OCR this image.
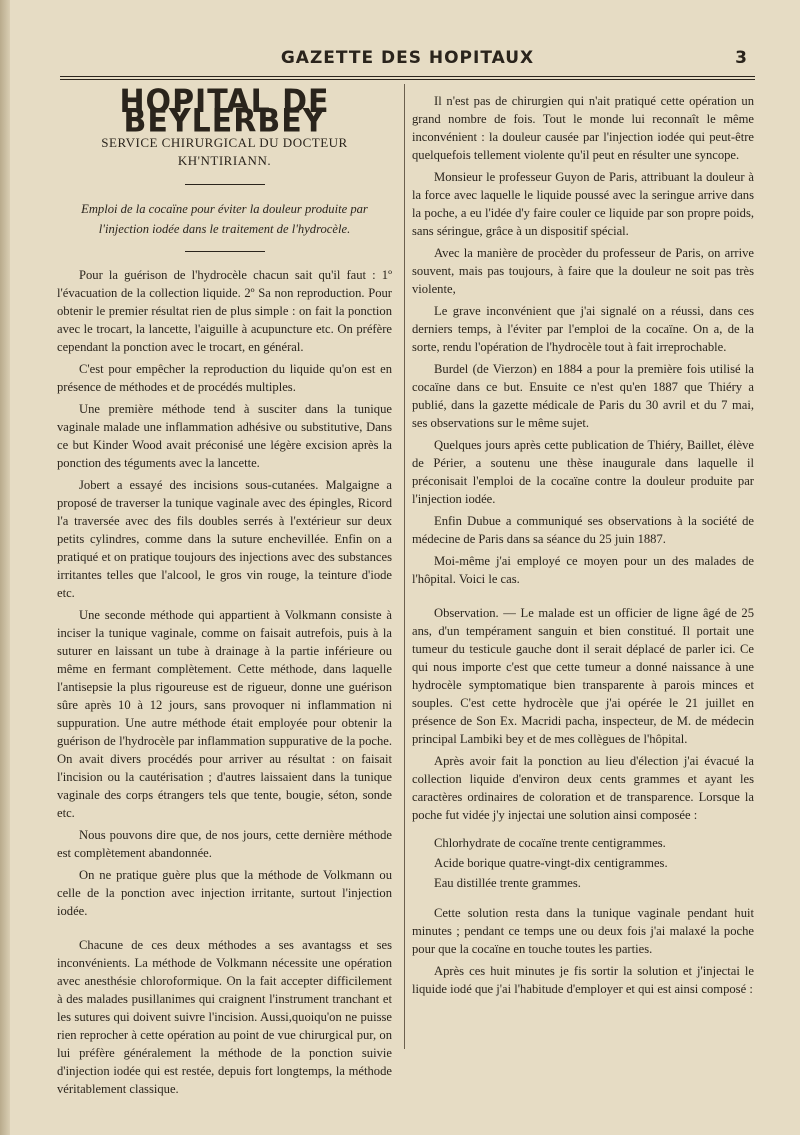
GAZETTE DES HOPITAUX	3
HOPITAL DE BEYLERBEY
SERVICE CHIRURGICAL DU DOCTEUR KH'NTIRIANN.
Emploi de la cocaïne pour éviter la douleur produite par l'injection iodée dans le traitement de l'hydrocèle.

Pour la guérison de l'hydrocèle chacun sait qu'il faut : 1º l'évacuation de la collection liquide. 2º Sa non reproduction. Pour obtenir le premier résultat rien de plus simple : on fait la ponction avec le trocart, la lancette, l'aiguille à acupuncture etc. On préfère cependant la ponction avec le trocart, en général.

C'est pour empêcher la reproduction du liquide qu'on est en présence de méthodes et de procédés multiples.

Une première méthode tend à susciter dans la tunique vaginale malade une inflammation adhésive ou substitutive, Dans ce but Kinder Wood avait préconisé une légère excision après la ponction des téguments avec la lancette.

Jobert a essayé des incisions sous-cutanées. Malgaigne a proposé de traverser la tunique vaginale avec des épingles, Ricord l'a traversée avec des fils doubles serrés à l'extérieur sur deux petits cylindres, comme dans la suture enchevillée. Enfin on a pratiqué et on pratique toujours des injections avec des substances irritantes telles que l'alcool, le gros vin rouge, la teinture d'iode etc.

Une seconde méthode qui appartient à Volkmann consiste à inciser la tunique vaginale, comme on faisait autrefois, puis à la suturer en laissant un tube à drainage à la partie inférieure ou même en fermant complètement. Cette méthode, dans laquelle l'antisepsie la plus rigoureuse est de rigueur, donne une guérison sûre après 10 à 12 jours, sans provoquer ni inflammation ni suppuration. Une autre méthode était employée pour obtenir la guérison de l'hydrocèle par inflammation suppurative de la poche. On avait divers procédés pour arriver au résultat : on faisait l'incision ou la cautérisation ; d'autres laissaient dans la tunique vaginale des corps étrangers tels que tente, bougie, séton, sonde etc.

Nous pouvons dire que, de nos jours, cette dernière méthode est complètement abandonnée.

On ne pratique guère plus que la méthode de Volkmann ou celle de la ponction avec injection irritante, surtout l'injection iodée.

Chacune de ces deux méthodes a ses avantagss et ses inconvénients. La méthode de Volkmann nécessite une opération avec anesthésie chloroformique. On la fait accepter difficilement à des malades pusillanimes qui craignent l'instrument tranchant et les sutures qui doivent suivre l'incision. Aussi,quoiqu'on ne puisse rien reprocher à cette opération au point de vue chirurgical pur, on lui préfère généralement la méthode de la ponction suivie d'injection iodée qui est restée, depuis fort longtemps, la méthode véritablement classique.

Il n'est pas de chirurgien qui n'ait pratiqué cette opération un grand nombre de fois. Tout le monde lui reconnaît le même inconvénient : la douleur causée par l'injection iodée qui peut-être quelquefois tellement violente qu'il peut en résulter une syncope.

Monsieur le professeur Guyon de Paris, attribuant la douleur à la force avec laquelle le liquide poussé avec la seringue arrive dans la poche, a eu l'idée d'y faire couler ce liquide par son propre poids, sans séringue, grâce à un dispositif spécial.

Avec la manière de procèder du professeur de Paris, on arrive souvent, mais pas toujours, à faire que la douleur ne soit pas très violente,

Le grave inconvénient que j'ai signalé on a réussi, dans ces derniers temps, à l'éviter par l'emploi de la cocaïne. On a, de la sorte, rendu l'opération de l'hydrocèle tout à fait irreprochable.

Burdel (de Vierzon) en 1884 a pour la première fois utilisé la cocaïne dans ce but. Ensuite ce n'est qu'en 1887 que Thiéry a publié, dans la gazette médicale de Paris du 30 avril et du 7 mai, ses observations sur le même sujet.

Quelques jours après cette publication de Thiéry, Baillet, élève de Périer, a soutenu une thèse inaugurale dans laquelle il préconisait l'emploi de la cocaïne contre la douleur produite par l'injection iodée.

Enfin Dubue a communiqué ses observations à la société de médecine de Paris dans sa séance du 25 juin 1887.

Moi-même j'ai employé ce moyen pour un des malades de l'hôpital. Voici le cas.

Observation. — Le malade est un officier de ligne âgé de 25 ans, d'un tempérament sanguin et bien constitué. Il portait une tumeur du testicule gauche dont il serait déplacé de parler ici. Ce qui nous importe c'est que cette tumeur a donné naissance à une hydrocèle symptomatique bien transparente à parois minces et souples. C'est cette hydrocèle que j'ai opérée le 21 juillet en présence de Son Ex. Macridi pacha, inspecteur, de M. de médecin principal Lambiki bey et de mes collègues de l'hôpital.

Après avoir fait la ponction au lieu d'élection j'ai évacué la collection liquide d'environ deux cents grammes et ayant les caractères ordinaires de coloration et de transparence. Lorsque la poche fut vidée j'y injectai une solution ainsi composée :

Chlorhydrate de cocaïne trente centigrammes.
Acide borique quatre-vingt-dix centigrammes.
Eau distillée trente grammes.

Cette solution resta dans la tunique vaginale pendant huit minutes ; pendant ce temps une ou deux fois j'ai malaxé la poche pour que la cocaïne en touche toutes les parties.

Après ces huit minutes je fis sortir la solution et j'injectai le liquide iodé que j'ai l'habitude d'employer et qui est ainsi composé :
